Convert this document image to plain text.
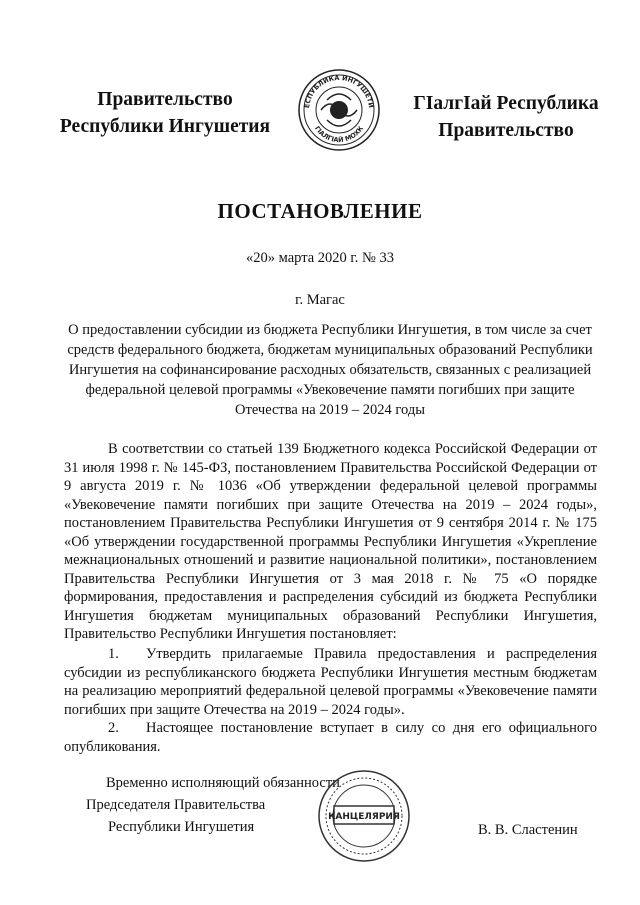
Правительство
Республики Ингушетия
ЕСПУБЛИКА ИНГУШЕТИ
ГIАЛГIАЙ МОХК
ГIалгIай Республика
Правительство
ПОСТАНОВЛЕНИЕ
«20» марта 2020 г. № 33
г. Магас
О предоставлении субсидии из бюджета Республики Ингушетия, в том числе за счет средств федерального бюджета, бюджетам муниципальных образований Республики Ингушетия на софинансирование расходных обязательств, связанных с реализацией федеральной целевой программы «Увековечение памяти погибших при защите Отечества на 2019 – 2024 годы

В соответствии со статьей 139 Бюджетного кодекса Российской Федерации от 31 июля 1998 г. № 145-ФЗ, постановлением Правительства Российской Федерации от 9 августа 2019 г. № 1036 «Об утверждении федеральной целевой программы «Увековечение памяти погибших при защите Отечества на 2019 – 2024 годы», постановлением Правительства Республики Ингушетия от 9 сентября 2014 г. № 175 «Об утверждении государственной программы Республики Ингушетия «Укрепление межнациональных отношений и развитие национальной политики», постановлением Правительства Республики Ингушетия от 3 мая 2018 г. № 75 «О порядке формирования, предоставления и распределения субсидий из бюджета Республики Ингушетия бюджетам муниципальных образований Республики Ингушетия, Правительство Республики Ингушетия постановляет:

1. Утвердить прилагаемые Правила предоставления и распределения субсидии из республиканского бюджета Республики Ингушетия местным бюджетам на реализацию мероприятий федеральной целевой программы «Увековечение памяти погибших при защите Отечества на 2019 – 2024 годы».

2. Настоящее постановление вступает в силу со дня его официального опубликования.

Временно исполняющий обязанности
Председателя Правительства
Республики Ингушетия
КАНЦЕЛЯРИЯ
В. В. Сластенин
